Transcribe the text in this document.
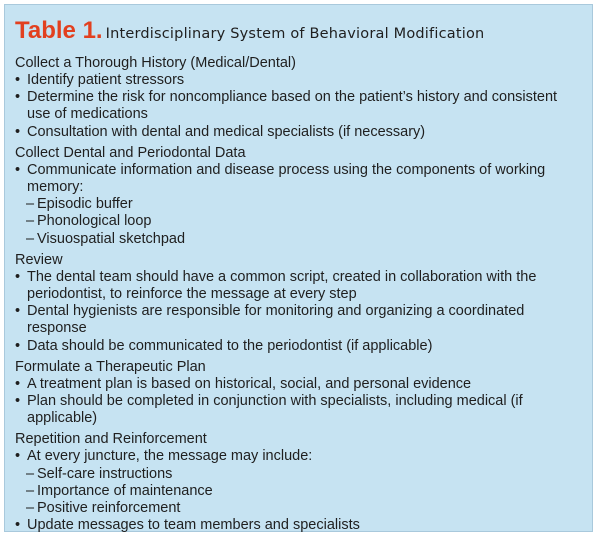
Table 1. Interdisciplinary System of Behavioral Modification
Collect a Thorough History (Medical/Dental)
• Identify patient stressors
• Determine the risk for noncompliance based on the patient’s history and consistent use of medications
• Consultation with dental and medical specialists (if necessary)
Collect Dental and Periodontal Data
• Communicate information and disease process using the components of working memory:
– Episodic buffer
– Phonological loop
– Visuospatial sketchpad
Review
• The dental team should have a common script, created in collaboration with the periodontist, to reinforce the message at every step
• Dental hygienists are responsible for monitoring and organizing a coordinated response
• Data should be communicated to the periodontist (if applicable)
Formulate a Therapeutic Plan
• A treatment plan is based on historical, social, and personal evidence
• Plan should be completed in conjunction with specialists, including medical (if applicable)
Repetition and Reinforcement
• At every juncture, the message may include:
– Self-care instructions
– Importance of maintenance
– Positive reinforcement
• Update messages to team members and specialists
